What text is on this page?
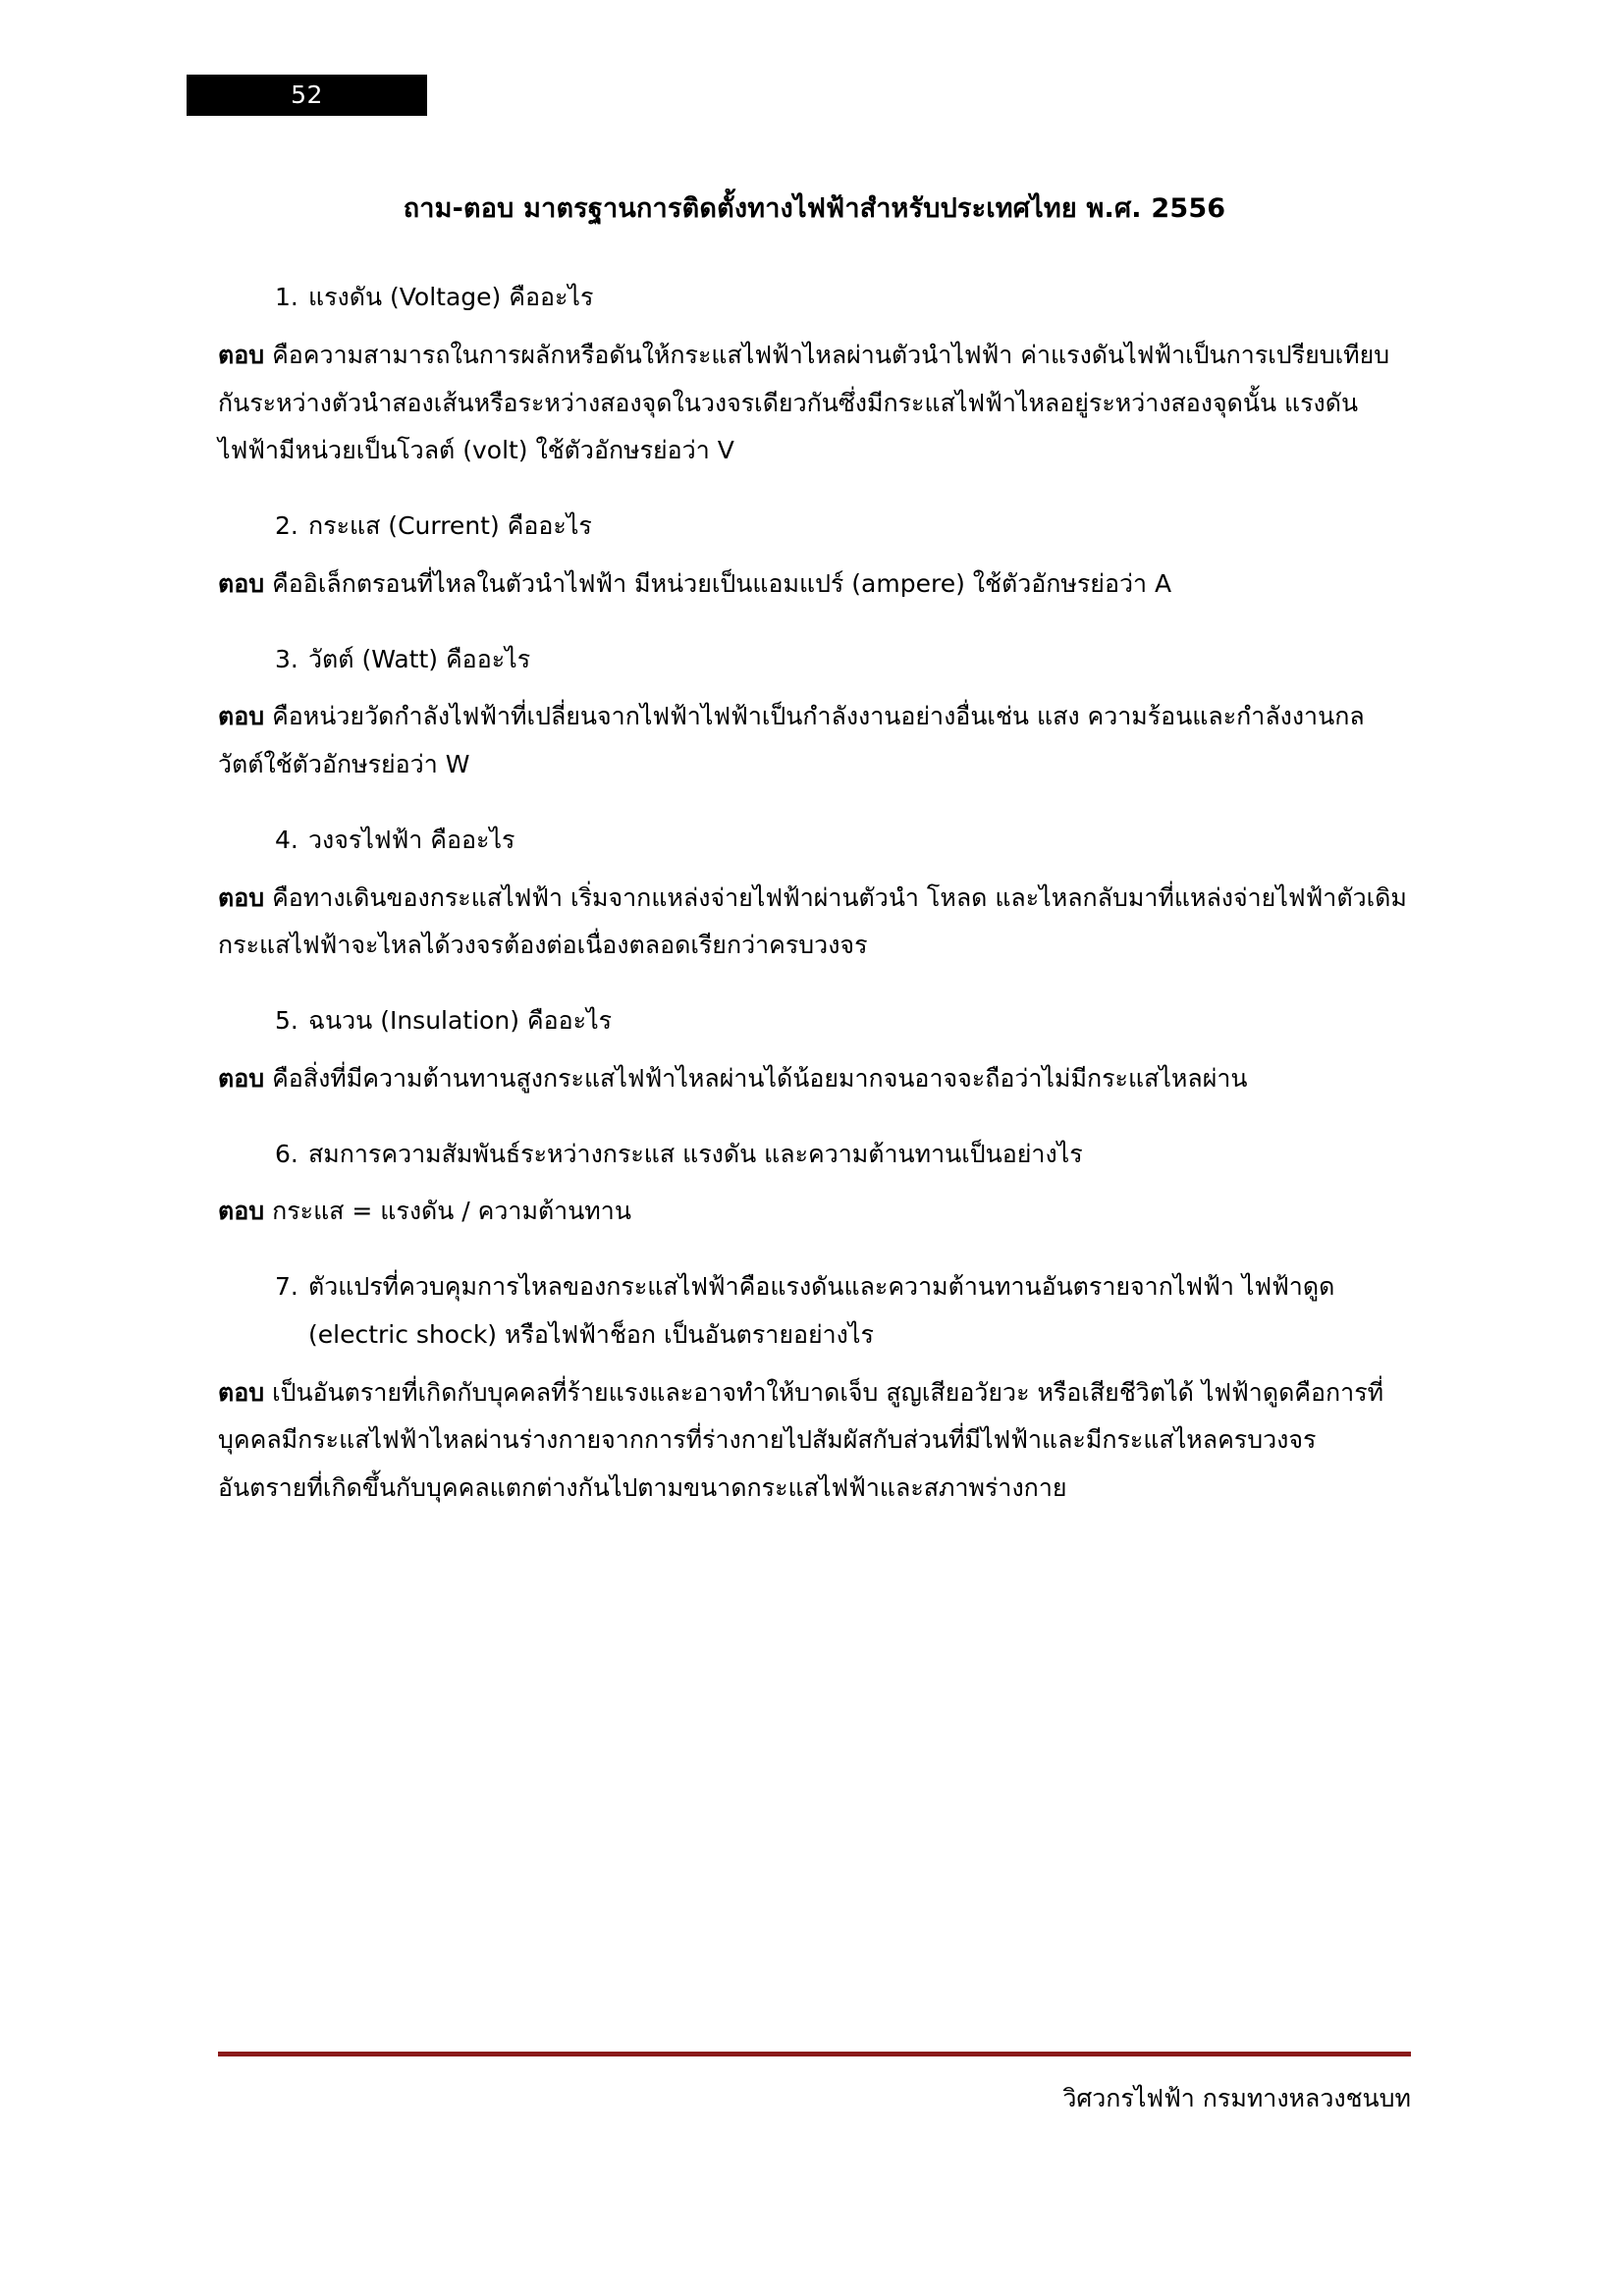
52
ถาม-ตอบ มาตรฐานการติดตั้งทางไฟฟ้าสำหรับประเทศไทย พ.ศ. 2556
1. แรงดัน (Voltage) คืออะไร

ตอบ คือความสามารถในการผลักหรือดันให้กระแสไฟฟ้าไหลผ่านตัวนำไฟฟ้า ค่าแรงดันไฟฟ้าเป็นการเปรียบเทียบกันระหว่างตัวนำสองเส้นหรือระหว่างสองจุดในวงจรเดียวกันซึ่งมีกระแสไฟฟ้าไหลอยู่ระหว่างสองจุดนั้น แรงดันไฟฟ้ามีหน่วยเป็นโวลต์ (volt) ใช้ตัวอักษรย่อว่า V

2. กระแส (Current) คืออะไร

ตอบ คืออิเล็กตรอนที่ไหลในตัวนำไฟฟ้า มีหน่วยเป็นแอมแปร์ (ampere) ใช้ตัวอักษรย่อว่า A

3. วัตต์ (Watt) คืออะไร

ตอบ คือหน่วยวัดกำลังไฟฟ้าที่เปลี่ยนจากไฟฟ้าไฟฟ้าเป็นกำลังงานอย่างอื่นเช่น แสง ความร้อนและกำลังงานกล วัตต์ใช้ตัวอักษรย่อว่า W

4. วงจรไฟฟ้า คืออะไร

ตอบ คือทางเดินของกระแสไฟฟ้า เริ่มจากแหล่งจ่ายไฟฟ้าผ่านตัวนำ โหลด และไหลกลับมาที่แหล่งจ่ายไฟฟ้าตัวเดิม กระแสไฟฟ้าจะไหลได้วงจรต้องต่อเนื่องตลอดเรียกว่าครบวงจร

5. ฉนวน (Insulation) คืออะไร

ตอบ คือสิ่งที่มีความต้านทานสูงกระแสไฟฟ้าไหลผ่านได้น้อยมากจนอาจจะถือว่าไม่มีกระแสไหลผ่าน

6. สมการความสัมพันธ์ระหว่างกระแส แรงดัน และความต้านทานเป็นอย่างไร

ตอบ กระแส = แรงดัน / ความต้านทาน

7. ตัวแปรที่ควบคุมการไหลของกระแสไฟฟ้าคือแรงดันและความต้านทานอันตรายจากไฟฟ้า ไฟฟ้าดูด (electric shock) หรือไฟฟ้าช็อก เป็นอันตรายอย่างไร

ตอบ เป็นอันตรายที่เกิดกับบุคคลที่ร้ายแรงและอาจทำให้บาดเจ็บ สูญเสียอวัยวะ หรือเสียชีวิตได้ ไฟฟ้าดูดคือการที่บุคคลมีกระแสไฟฟ้าไหลผ่านร่างกายจากการที่ร่างกายไปสัมผัสกับส่วนที่มีไฟฟ้าและมีกระแสไหลครบวงจร อันตรายที่เกิดขึ้นกับบุคคลแตกต่างกันไปตามขนาดกระแสไฟฟ้าและสภาพร่างกาย

วิศวกรไฟฟ้า กรมทางหลวงชนบท
